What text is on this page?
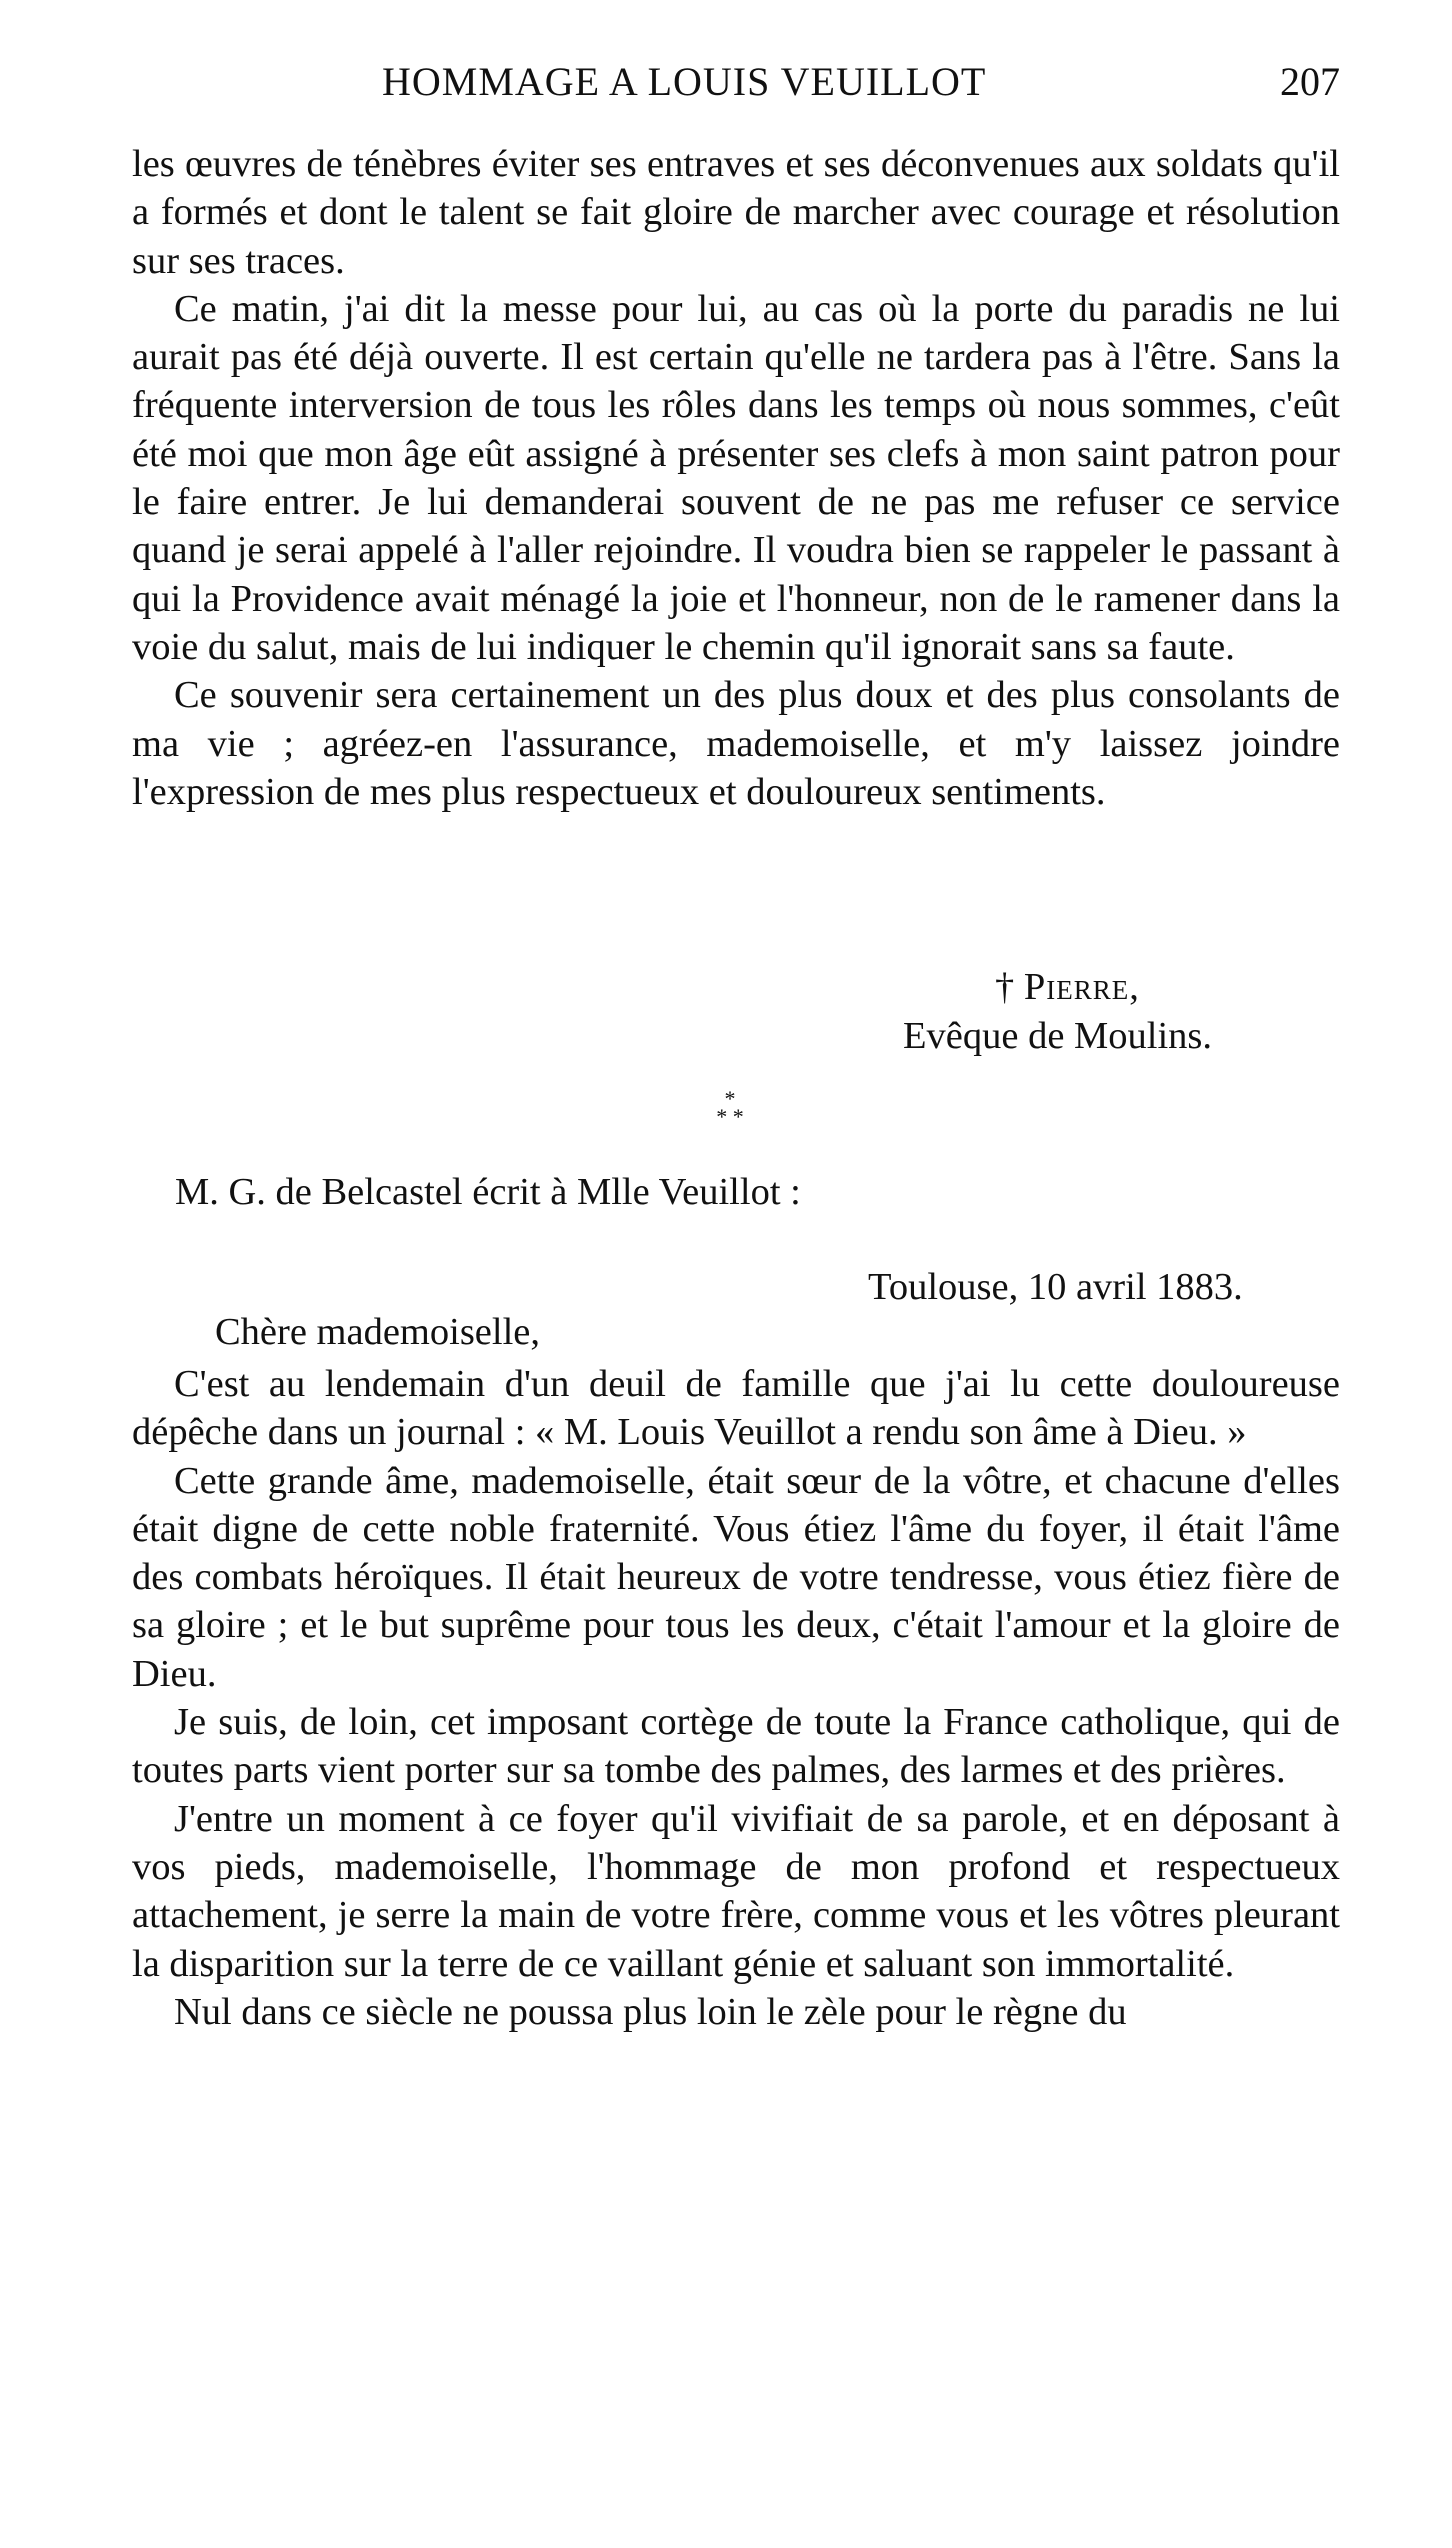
HOMMAGE A LOUIS VEUILLOT	207

les œuvres de ténèbres éviter ses entraves et ses déconvenues aux soldats qu'il a formés et dont le talent se fait gloire de marcher avec courage et résolution sur ses traces.

Ce matin, j'ai dit la messe pour lui, au cas où la porte du paradis ne lui aurait pas été déjà ouverte. Il est certain qu'elle ne tardera pas à l'être. Sans la fréquente interversion de tous les rôles dans les temps où nous sommes, c'eût été moi que mon âge eût assigné à présenter ses clefs à mon saint patron pour le faire entrer. Je lui demanderai souvent de ne pas me refuser ce service quand je serai appelé à l'aller rejoindre. Il voudra bien se rappeler le passant à qui la Providence avait ménagé la joie et l'honneur, non de le ramener dans la voie du salut, mais de lui indiquer le chemin qu'il ignorait sans sa faute.

Ce souvenir sera certainement un des plus doux et des plus consolants de ma vie ; agréez-en l'assurance, mademoiselle, et m'y laissez joindre l'expression de mes plus respectueux et douloureux sentiments.

† Pierre,
Evêque de Moulins.
*
* *
M. G. de Belcastel écrit à Mlle Veuillot :
Toulouse, 10 avril 1883.
Chère mademoiselle,

C'est au lendemain d'un deuil de famille que j'ai lu cette douloureuse dépêche dans un journal : « M. Louis Veuillot a rendu son âme à Dieu. »

Cette grande âme, mademoiselle, était sœur de la vôtre, et chacune d'elles était digne de cette noble fraternité. Vous étiez l'âme du foyer, il était l'âme des combats héroïques. Il était heureux de votre tendresse, vous étiez fière de sa gloire ; et le but suprême pour tous les deux, c'était l'amour et la gloire de Dieu.

Je suis, de loin, cet imposant cortège de toute la France catholique, qui de toutes parts vient porter sur sa tombe des palmes, des larmes et des prières.

J'entre un moment à ce foyer qu'il vivifiait de sa parole, et en déposant à vos pieds, mademoiselle, l'hommage de mon profond et respectueux attachement, je serre la main de votre frère, comme vous et les vôtres pleurant la disparition sur la terre de ce vaillant génie et saluant son immortalité.

Nul dans ce siècle ne poussa plus loin le zèle pour le règne du
